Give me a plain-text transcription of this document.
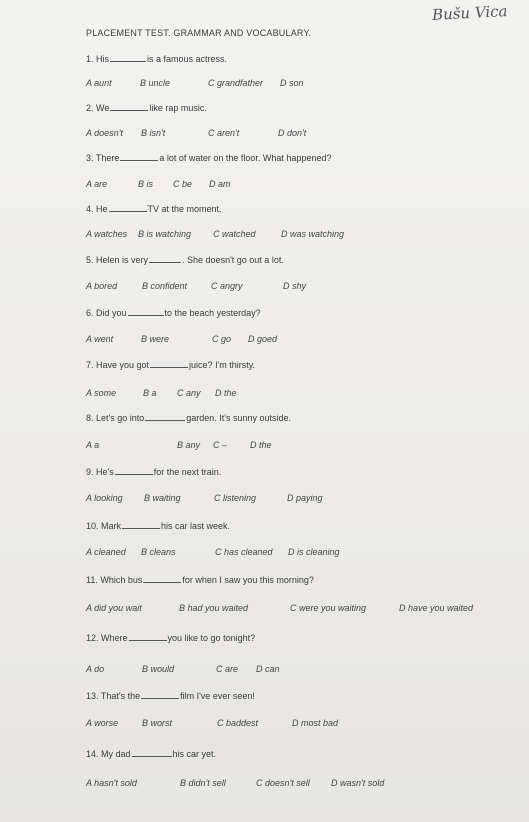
Bušu Vica
PLACEMENT TEST. GRAMMAR AND VOCABULARY.
1. His	is a famous actress.
A aunt	B uncle	C grandfather D son
2. We	like rap music.
A doesn't B isn't	C aren't	D don't
3. There	a lot of water on the floor. What happened?
A are	B is C be D am
4. He	TV at the moment.
A watches B is watching C watched	D was watching
5. Helen is very	. She doesn't go out a lot.
A bored	B confident	C angry	D shy
6. Did you	to the beach yesterday?
A went	B were	C go D goed
7. Have you got	juice? I'm thirsty.
A some	B a C any D the
8. Let's go into	garden. It's sunny outside.
A a	B any C –	D the
9. He's	for the next train.
A looking B waiting	C listening	D paying
10. Mark	his car last week.
A cleaned B cleans	C has cleaned D is cleaning
11. Which bus	for when I saw you this morning?
A did you wait	B had you waited	C were you waiting	D have you waited
12. Where	you like to go tonight?
A do	B would	C are D can
13. That's the	film I've ever seen!
A worse	B worst	C baddest	D most bad
14. My dad	his car yet.
A hasn't sold	B didn't sell	C doesn't sell D wasn't sold
